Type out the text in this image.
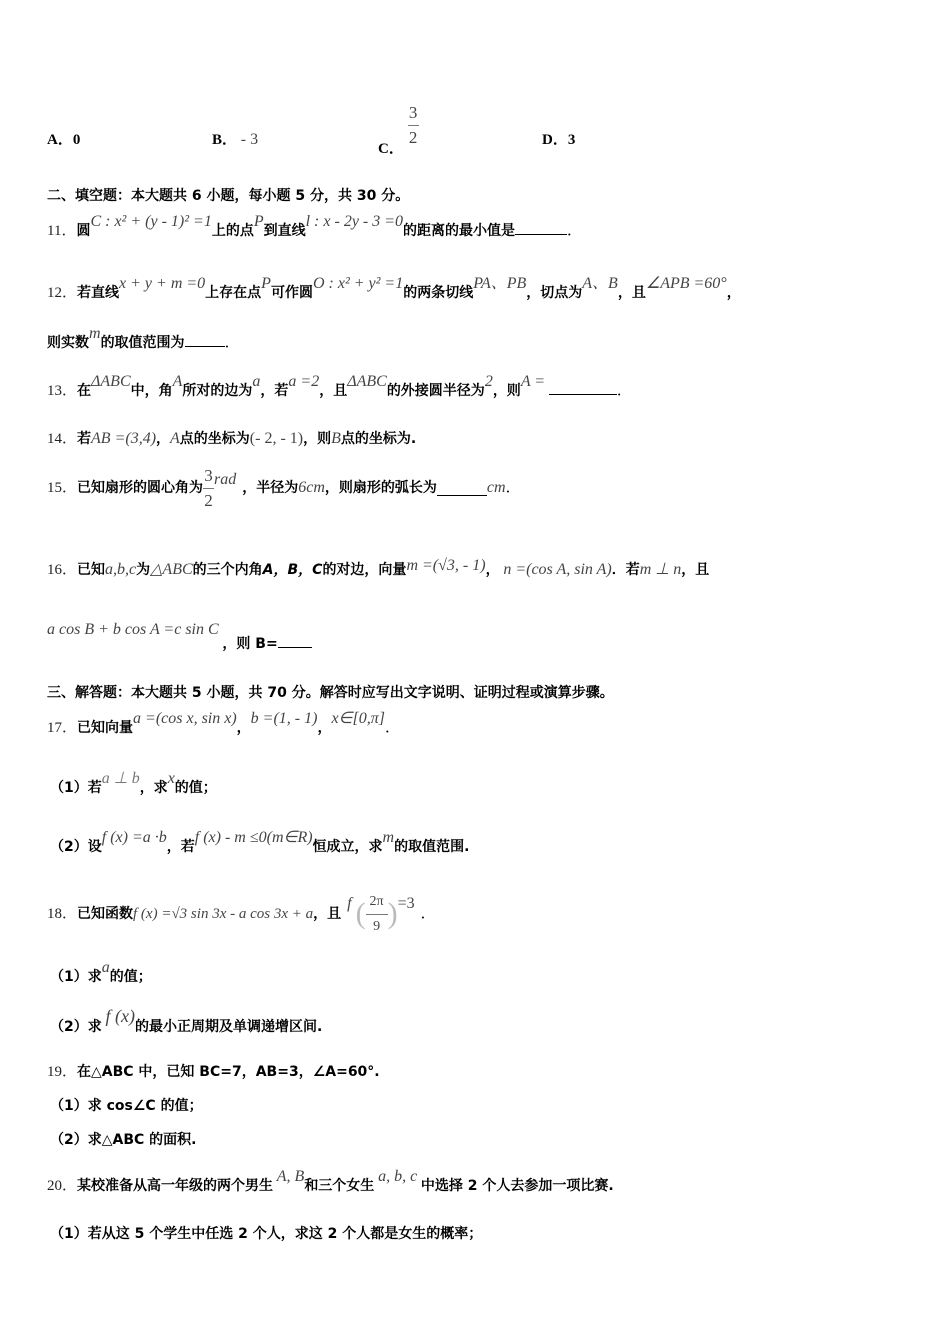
A．0	B． - 3
C．
$\frac{3}{2}$	D．3
二、填空题：本大题共 6 小题，每小题 5 分，共 30 分。
11．圆C : x² + (y - 1)² =1上的点P到直线l : x - 2y - 3 =0的距离的最小值是	．
12．若直线x + y + m =0上存在点P可作圆O : x² + y² =1的两条切线PA、PB，切点为A、B，且∠APB =60°，
则实数m的取值范围为	．
13．在ΔABC中，角A所对的边为a，若a =2，且ΔABC的外接圆半径为2，则A = ．
14．若AB =(3,4)，A点的坐标为(- 2, - 1)，则B点的坐标为.
15． 已知扇形的圆心角为 $\frac{3}{2}$ rad ，半径为 6cm ，则扇形的弧长为	cm ．
16．已知a,b,c为△ABC的三个内角A，B，C的对边，向量m =(√3, - 1)， n =(cos A, sin A)．若m ⊥ n，且
a cos B + b cos A =c sin C ，则 B=
三、解答题：本大题共 5 小题，共 70 分。解答时应写出文字说明、证明过程或演算步骤。
17．已知向量a =(cos x, sin x)，b =(1, - 1)，x∈[0,π]．
（1）若a ⊥ b，求x的值；
（2）设f (x) =a ·b，若f (x) - m ≤0(m∈R)恒成立，求m的取值范围.
18． 已知函数 f (x) =√3 sin 3x - a cos 3x + a ，且
f ( $\frac{2\pi}{9}$ ) =3
．
（1）求a的值；
（2）求 f (x)的最小正周期及单调递增区间.
19．在△ABC 中，已知 BC=7，AB=3，∠A=60°.
（1）求 cos∠C 的值；
（2）求△ABC 的面积.
20．某校准备从高一年级的两个男生 A, B和三个女生 a, b, c 中选择 2 个人去参加一项比赛.
（1）若从这 5 个学生中任选 2 个人，求这 2 个人都是女生的概率；
